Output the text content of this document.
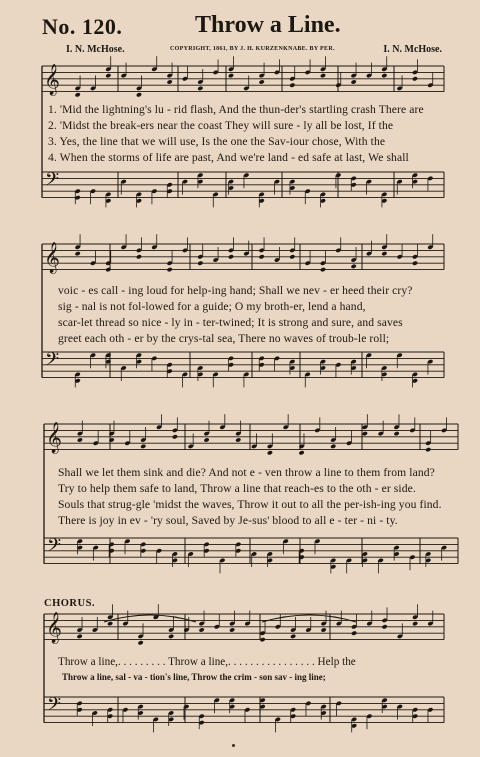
No. 120.	Throw a Line.
I. N. McHose.	COPYRIGHT, 1861, BY J. H. KURZENKNABE. BY PER.	I. N. McHose.
𝄞
𝄢
𝄞
𝄢
𝄞
𝄢
𝄞
𝄢
1. 'Mid the lightning's lu - rid flash, And the thun-der's startling crash There are
2. 'Midst the break-ers near the coast They will sure - ly all be lost, If the
3. Yes, the line that we will use, Is the one the Sav-iour chose, With the
4. When the storms of life are past, And we're land - ed safe at last, We shall
voic - es call - ing loud for help-ing hand; Shall we nev - er heed their cry?
sig - nal is not fol-lowed for a guide; O my broth-er, lend a hand,
scar-let thread so nice - ly in - ter-twined; It is strong and sure, and saves
greet each oth - er by the crys-tal sea, There no waves of troub-le roll;
Shall we let them sink and die? And not e - ven throw a line to them from land?
Try to help them safe to land, Throw a line that reach-es to the oth - er side.
Souls that strug-gle 'midst the waves, Throw it out to all the per-ish-ing you find.
There is joy in ev - 'ry soul, Saved by Je-sus' blood to all e - ter - ni - ty.
CHORUS.
Throw a line,. . . . . . . . . Throw a line,. . . . . . . . . . . . . . . . Help the
Throw a line, sal - va - tion's line, Throw the crim - son sav - ing line;
